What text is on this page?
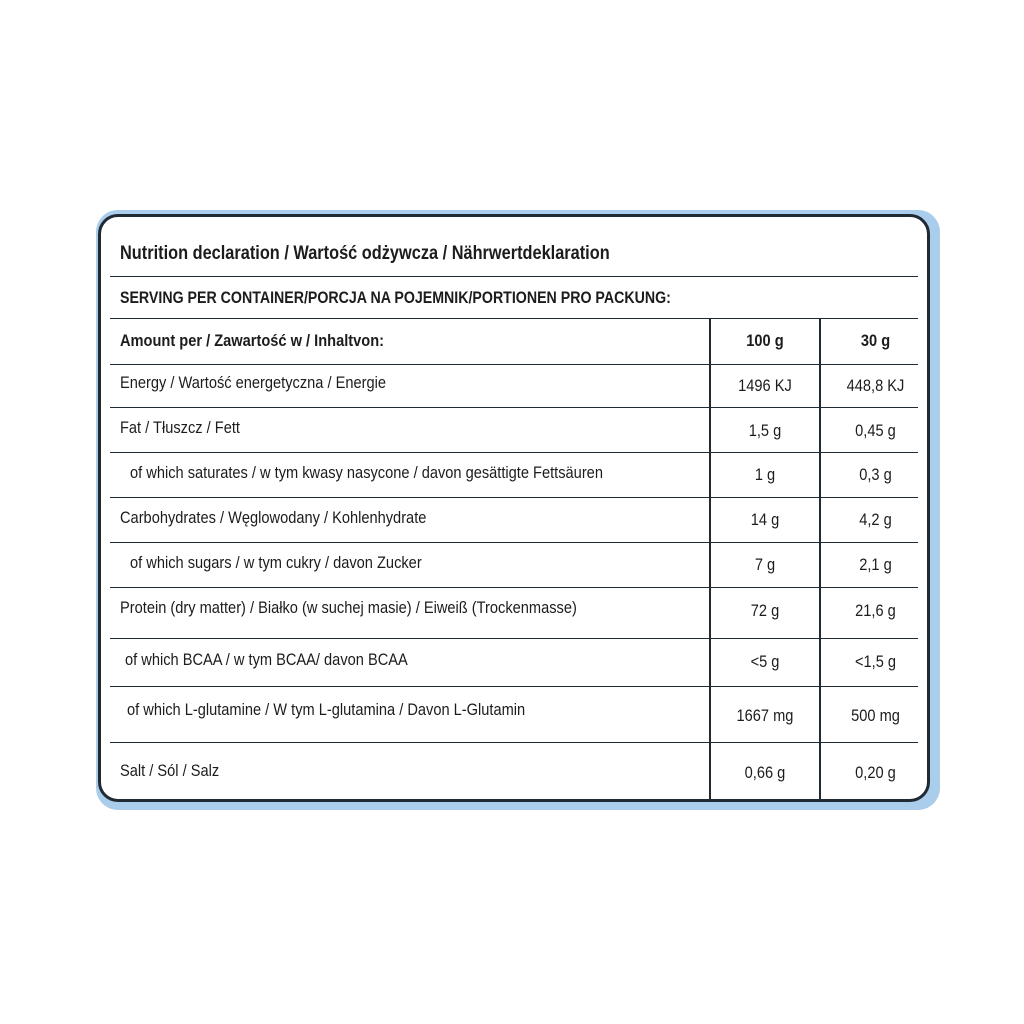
Nutrition declaration / Wartość odżywcza / Nährwertdeklaration
SERVING PER CONTAINER/PORCJA NA POJEMNIK/PORTIONEN PRO PACKUNG:
Amount per / Zawartość w / Inhaltvon:	100 g	30 g
Energy / Wartość energetyczna / Energie	1496 KJ	448,8 KJ
Fat / Tłuszcz / Fett	1,5 g	0,45 g
of which saturates / w tym kwasy nasycone / davon gesättigte Fettsäuren	1 g	0,3 g
Carbohydrates / Węglowodany / Kohlenhydrate	14 g	4,2 g
of which sugars / w tym cukry / davon Zucker	7 g	2,1 g
Protein (dry matter) / Białko (w suchej masie) / Eiweiß (Trockenmasse)	72 g	21,6 g
of which BCAA / w tym BCAA/ davon BCAA	<5 g	<1,5 g
of which L-glutamine / W tym L-glutamina / Davon L-Glutamin	1667 mg	500 mg
Salt / Sól / Salz	0,66 g	0,20 g
